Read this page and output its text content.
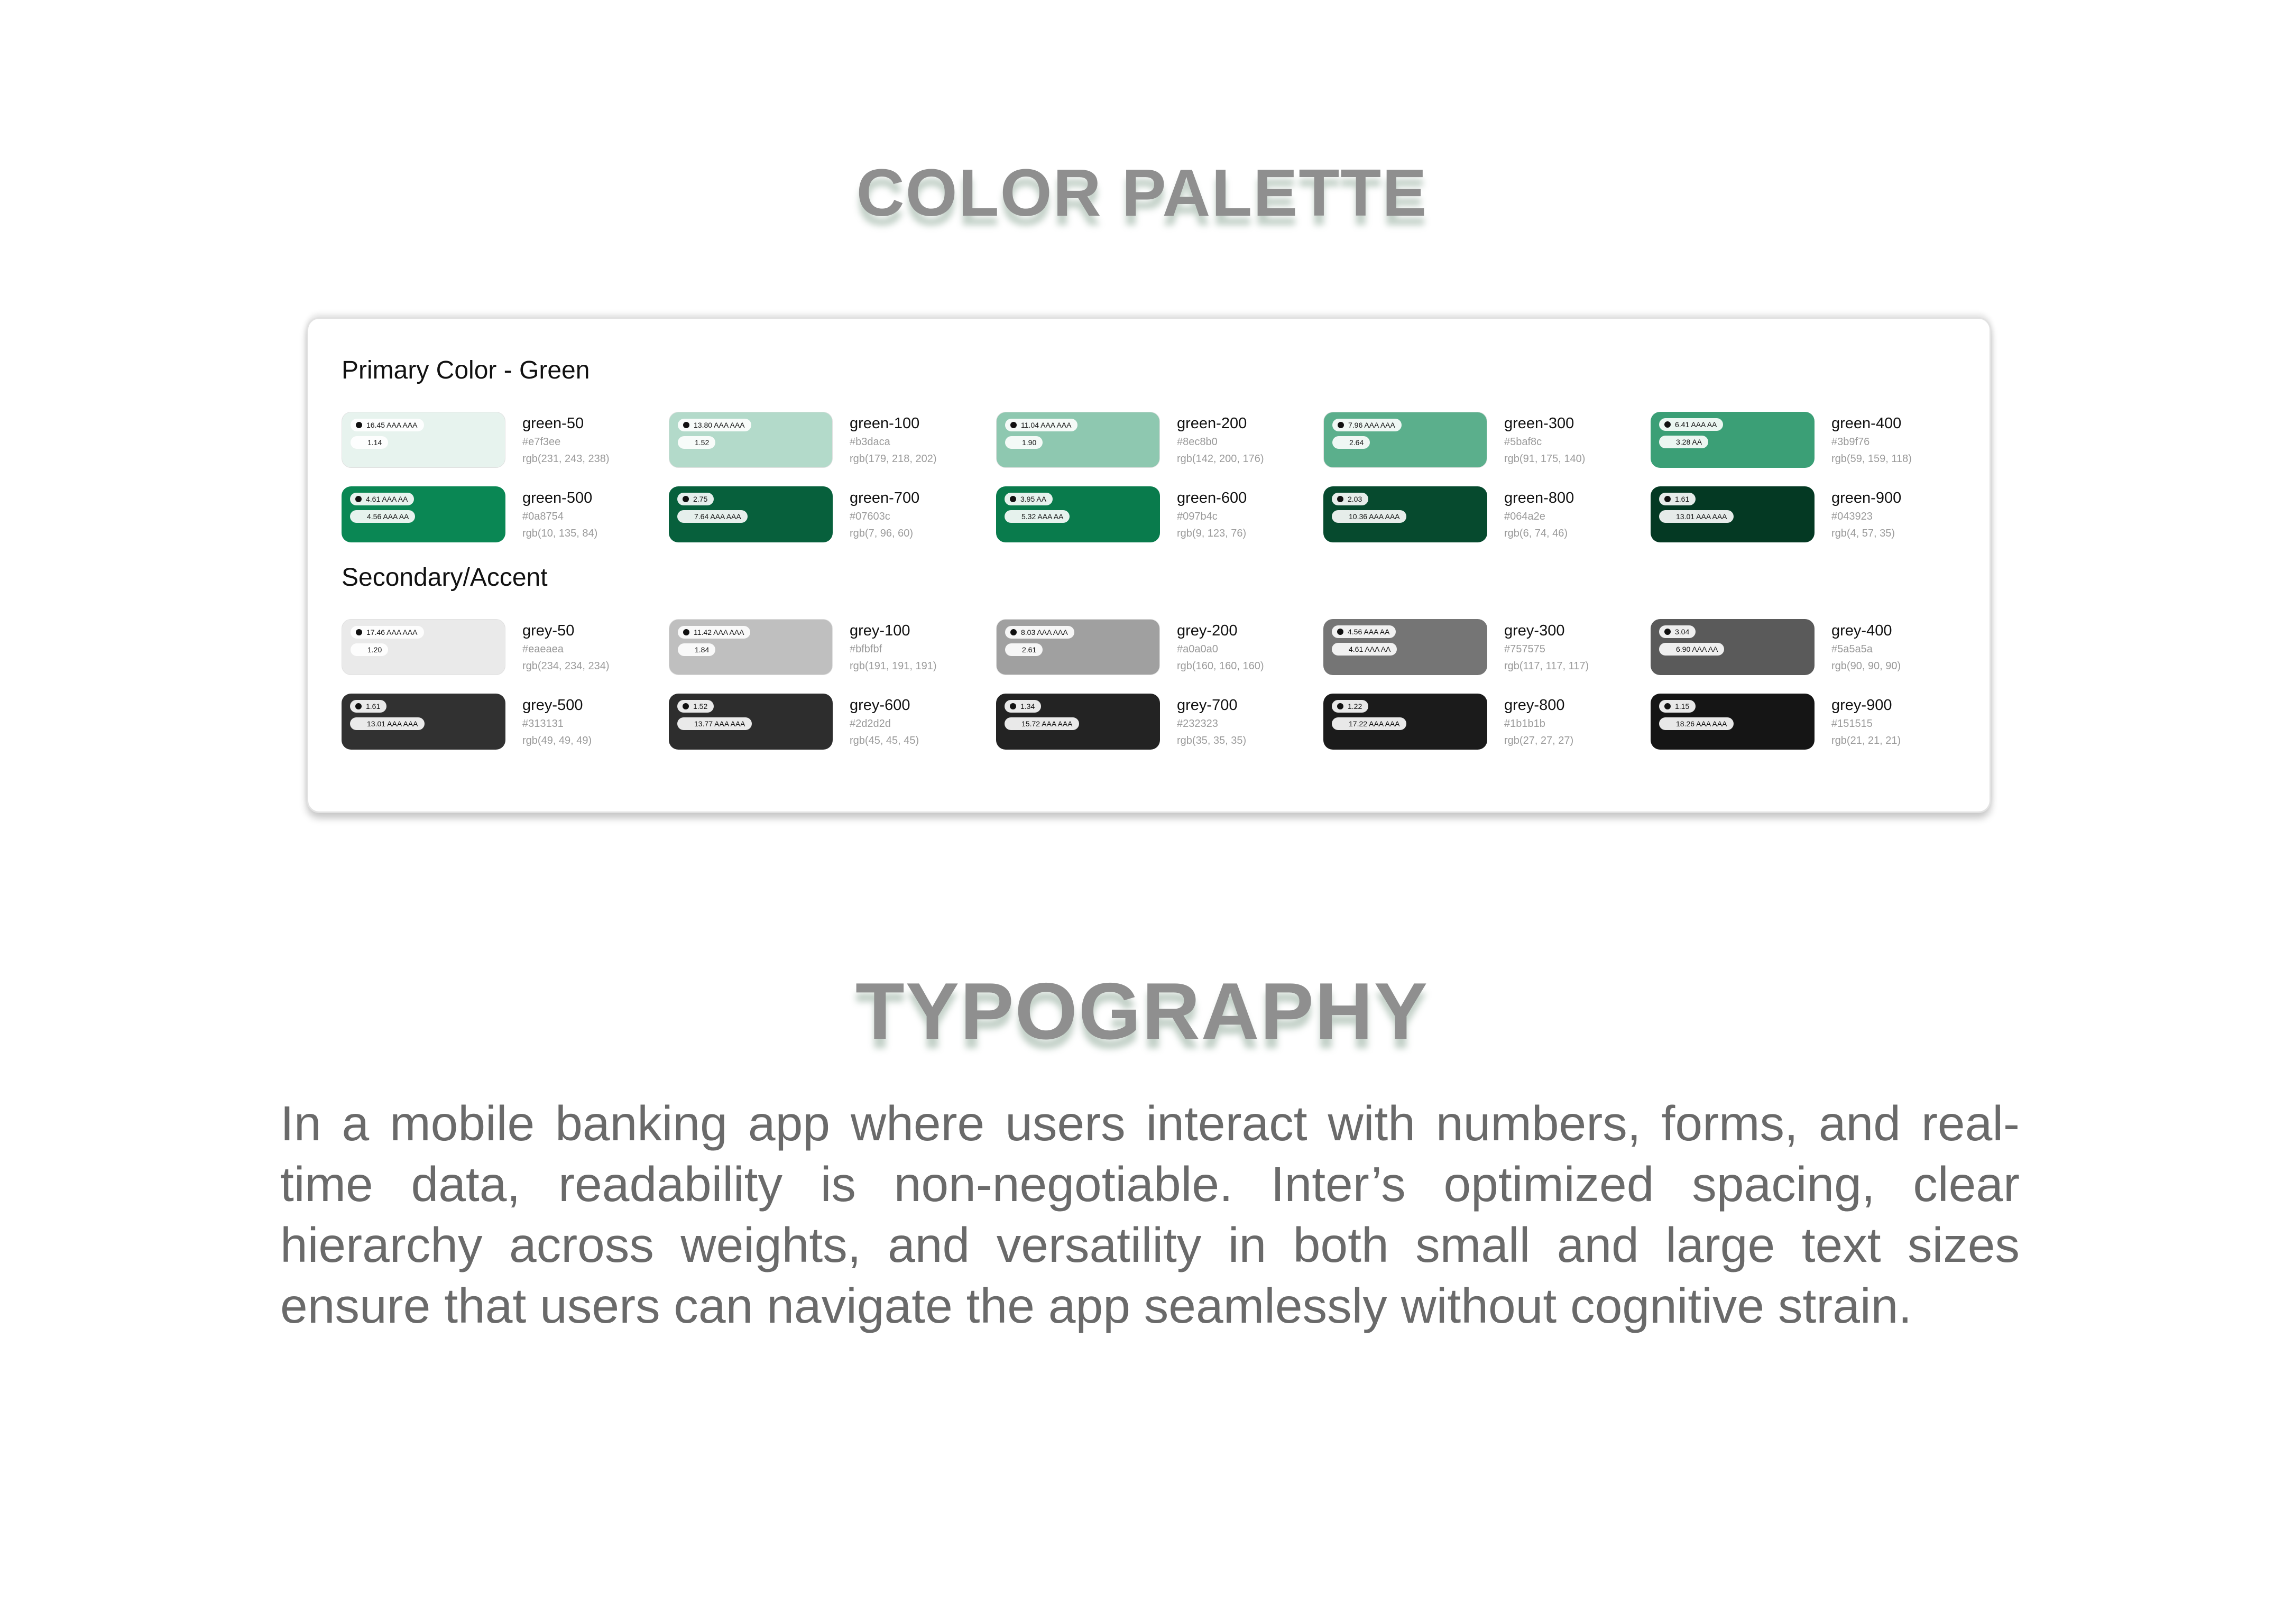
COLOR PALETTE
Primary Color - Green
16.45 AAA AAA
1.14
green-50
#e7f3ee
rgb(231, 243, 238)
13.80 AAA AAA
1.52
green-100
#b3daca
rgb(179, 218, 202)
11.04 AAA AAA
1.90
green-200
#8ec8b0
rgb(142, 200, 176)
7.96 AAA AAA
2.64
green-300
#5baf8c
rgb(91, 175, 140)
6.41 AAA AA
3.28 AA
green-400
#3b9f76
rgb(59, 159, 118)
4.61 AAA AA
4.56 AAA AA
green-500
#0a8754
rgb(10, 135, 84)
2.75
7.64 AAA AAA
green-700
#07603c
rgb(7, 96, 60)
3.95 AA
5.32 AAA AA
green-600
#097b4c
rgb(9, 123, 76)
2.03
10.36 AAA AAA
green-800
#064a2e
rgb(6, 74, 46)
1.61
13.01 AAA AAA
green-900
#043923
rgb(4, 57, 35)
Secondary/Accent
17.46 AAA AAA
1.20
grey-50
#eaeaea
rgb(234, 234, 234)
11.42 AAA AAA
1.84
grey-100
#bfbfbf
rgb(191, 191, 191)
8.03 AAA AAA
2.61
grey-200
#a0a0a0
rgb(160, 160, 160)
4.56 AAA AA
4.61 AAA AA
grey-300
#757575
rgb(117, 117, 117)
3.04
6.90 AAA AA
grey-400
#5a5a5a
rgb(90, 90, 90)
1.61
13.01 AAA AAA
grey-500
#313131
rgb(49, 49, 49)
1.52
13.77 AAA AAA
grey-600
#2d2d2d
rgb(45, 45, 45)
1.34
15.72 AAA AAA
grey-700
#232323
rgb(35, 35, 35)
1.22
17.22 AAA AAA
grey-800
#1b1b1b
rgb(27, 27, 27)
1.15
18.26 AAA AAA
grey-900
#151515
rgb(21, 21, 21)
TYPOGRAPHY

In a mobile banking app where users interact with numbers, forms, and real-time data, readability is non-negotiable. Inter’s optimized spacing, clear hierarchy across weights, and versatility in both small and large text sizes ensure that users can navigate the app seamlessly without cognitive strain.
